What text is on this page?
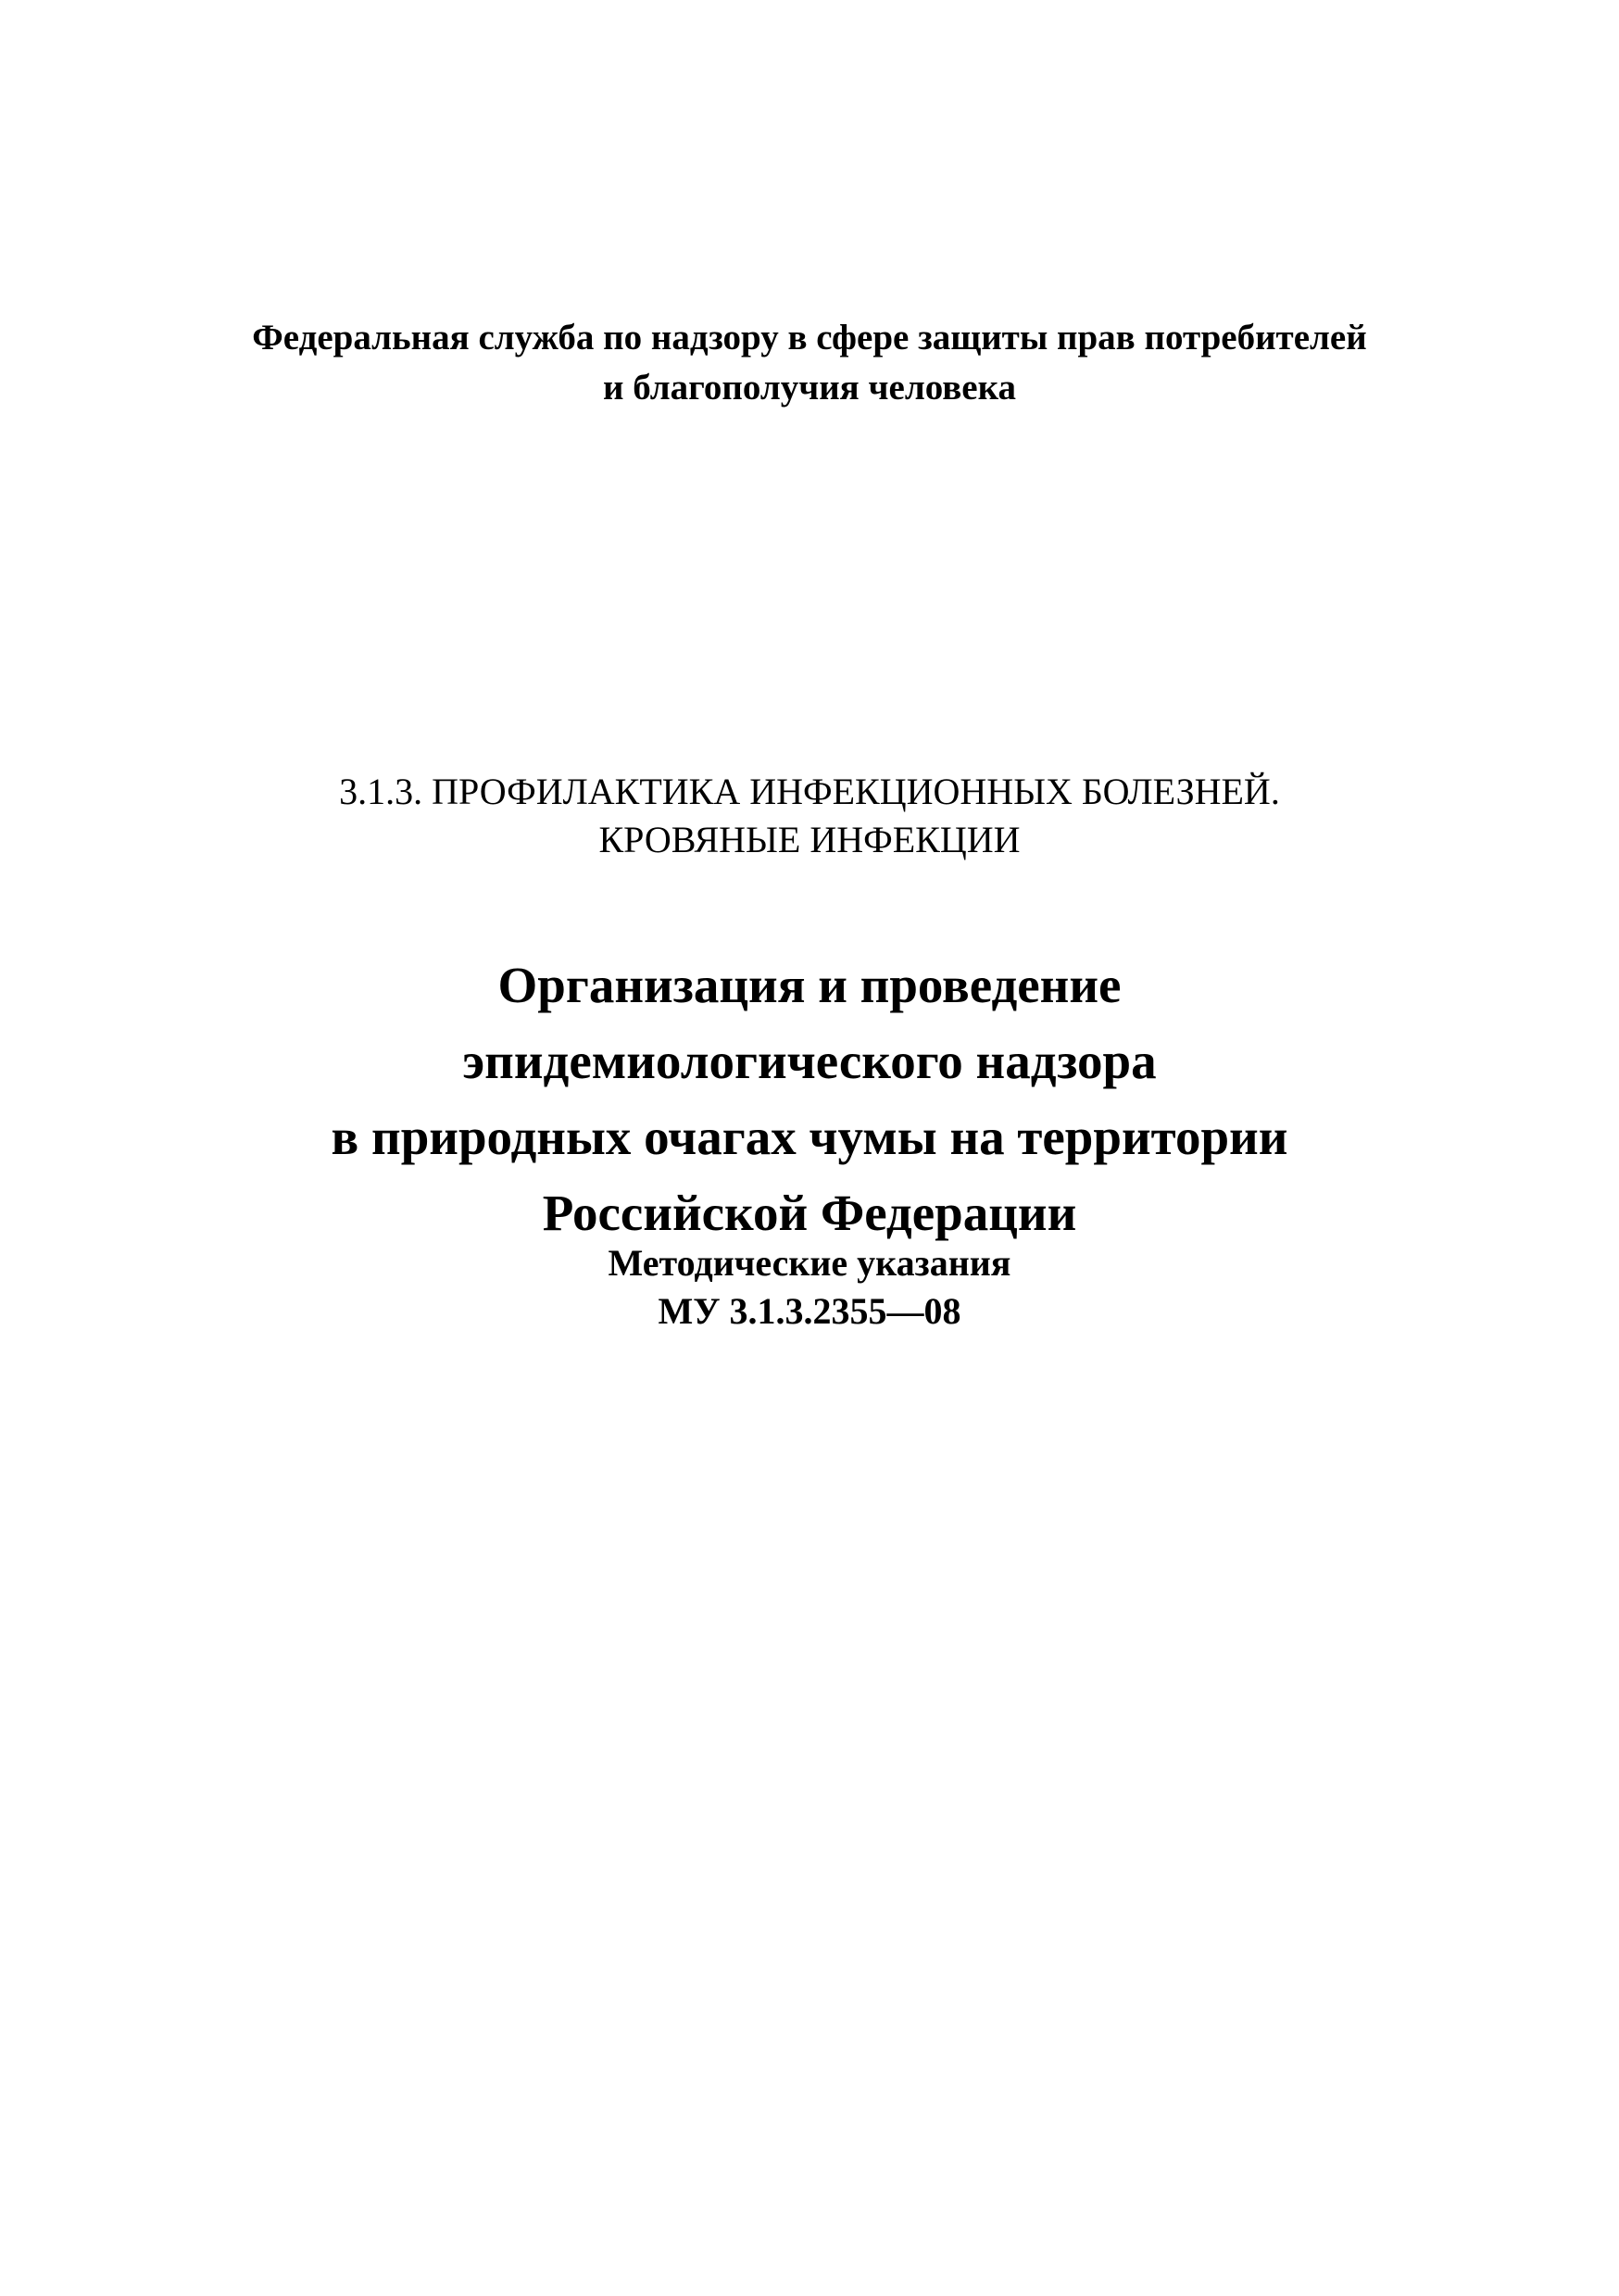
Федеральная служба по надзору в сфере защиты прав потребителей
и благополучия человека
3.1.3. ПРОФИЛАКТИКА ИНФЕКЦИОННЫХ БОЛЕЗНЕЙ.
КРОВЯНЫЕ ИНФЕКЦИИ
Организация и проведение
эпидемиологического надзора
в природных очагах чумы на территории
Российской Федерации
Методические указания
МУ 3.1.3.2355—08
